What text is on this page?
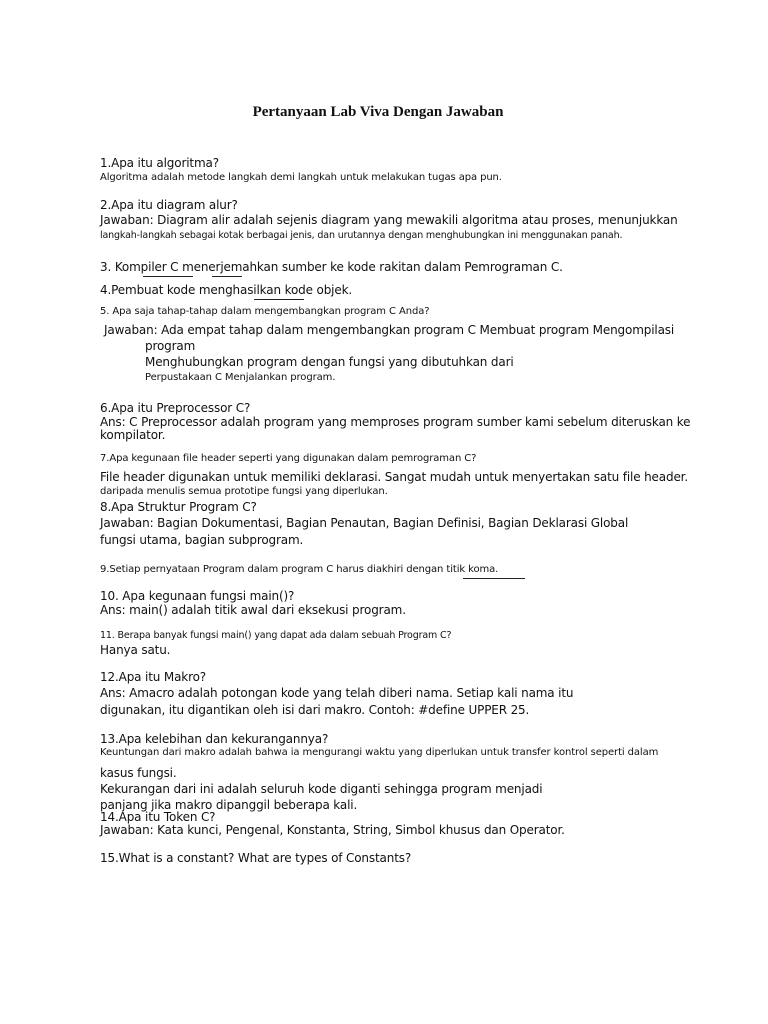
Pertanyaan Lab Viva Dengan Jawaban
1.Apa itu algoritma?
Algoritma adalah metode langkah demi langkah untuk melakukan tugas apa pun.
2.Apa itu diagram alur?
Jawaban: Diagram alir adalah sejenis diagram yang mewakili algoritma atau proses, menunjukkan
langkah-langkah sebagai kotak berbagai jenis, dan urutannya dengan menghubungkan ini menggunakan panah.
3. Kompiler C menerjemahkan sumber ke kode rakitan dalam Pemrograman C.
4.Pembuat kode menghasilkan kode objek.
5. Apa saja tahap-tahap dalam mengembangkan program C Anda?
Jawaban: Ada empat tahap dalam mengembangkan program C Membuat program Mengompilasi
program
Menghubungkan program dengan fungsi yang dibutuhkan dari
Perpustakaan C Menjalankan program.
6.Apa itu Preprocessor C?
Ans: C Preprocessor adalah program yang memproses program sumber kami sebelum diteruskan ke
kompilator.
7.Apa kegunaan file header seperti yang digunakan dalam pemrograman C?
File header digunakan untuk memiliki deklarasi. Sangat mudah untuk menyertakan satu file header.
daripada menulis semua prototipe fungsi yang diperlukan.
8.Apa Struktur Program C?
Jawaban: Bagian Dokumentasi, Bagian Penautan, Bagian Definisi, Bagian Deklarasi Global
fungsi utama, bagian subprogram.
9.Setiap pernyataan Program dalam program C harus diakhiri dengan titik koma.
10. Apa kegunaan fungsi main()?
Ans: main() adalah titik awal dari eksekusi program.
11. Berapa banyak fungsi main() yang dapat ada dalam sebuah Program C?
Hanya satu.
12.Apa itu Makro?
Ans: Amacro adalah potongan kode yang telah diberi nama. Setiap kali nama itu
digunakan, itu digantikan oleh isi dari makro. Contoh: #define UPPER 25.
13.Apa kelebihan dan kekurangannya?
Keuntungan dari makro adalah bahwa ia mengurangi waktu yang diperlukan untuk transfer kontrol seperti dalam
kasus fungsi.
Kekurangan dari ini adalah seluruh kode diganti sehingga program menjadi
panjang jika makro dipanggil beberapa kali.
14.Apa itu Token C?
Jawaban: Kata kunci, Pengenal, Konstanta, String, Simbol khusus dan Operator.
15.What is a constant? What are types of Constants?
